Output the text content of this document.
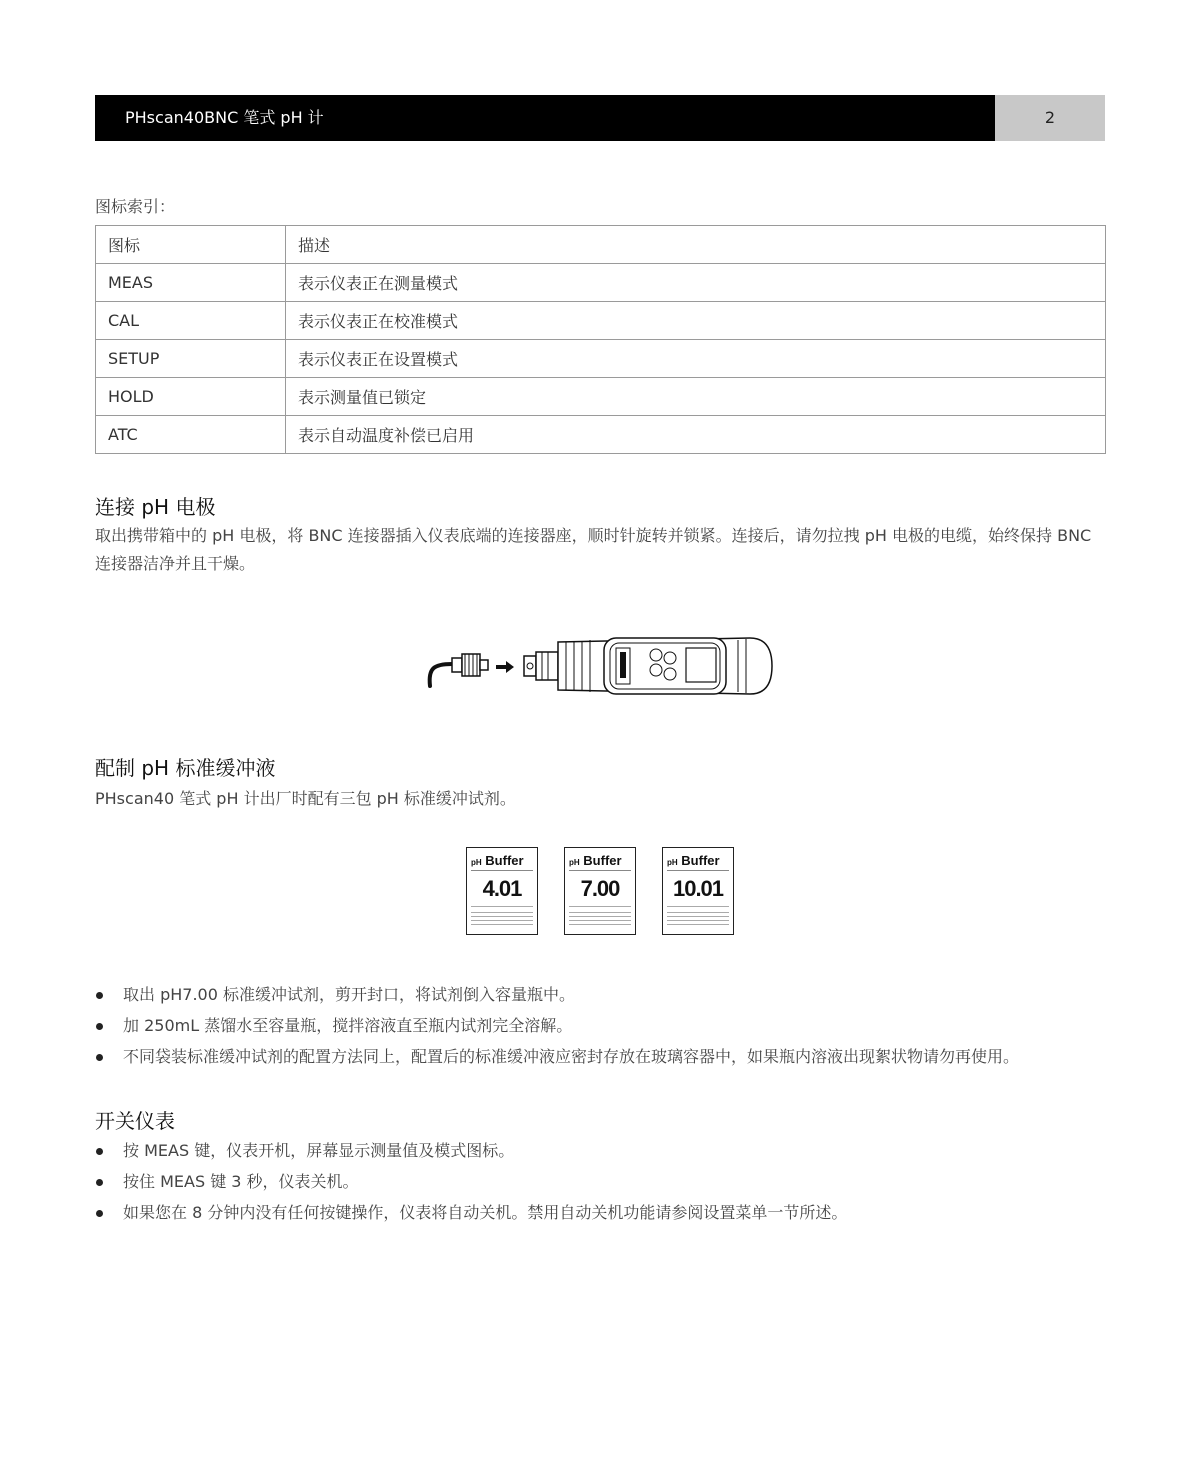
PHscan40BNC 笔式 pH 计	2
图标索引：
图标	描述
MEAS	表示仪表正在测量模式
CAL	表示仪表正在校准模式
SETUP	表示仪表正在设置模式
HOLD	表示测量值已锁定
ATC	表示自动温度补偿已启用
连接 pH 电极
取出携带箱中的 pH 电极，将 BNC 连接器插入仪表底端的连接器座，顺时针旋转并锁紧。连接后，请勿拉拽 pH 电极的电缆，始终保持 BNC 连接器洁净并且干燥。
配制 pH 标准缓冲液
PHscan40 笔式 pH 计出厂时配有三包 pH 标准缓冲试剂。
pH Buffer
4.01
pH Buffer
7.00
pH Buffer
10.01
取出 pH7.00 标准缓冲试剂，剪开封口，将试剂倒入容量瓶中。
加 250mL 蒸馏水至容量瓶，搅拌溶液直至瓶内试剂完全溶解。
不同袋装标准缓冲试剂的配置方法同上，配置后的标准缓冲液应密封存放在玻璃容器中，如果瓶内溶液出现絮状物请勿再使用。
开关仪表
按 MEAS 键，仪表开机，屏幕显示测量值及模式图标。
按住 MEAS 键 3 秒，仪表关机。
如果您在 8 分钟内没有任何按键操作，仪表将自动关机。禁用自动关机功能请参阅设置菜单一节所述。
